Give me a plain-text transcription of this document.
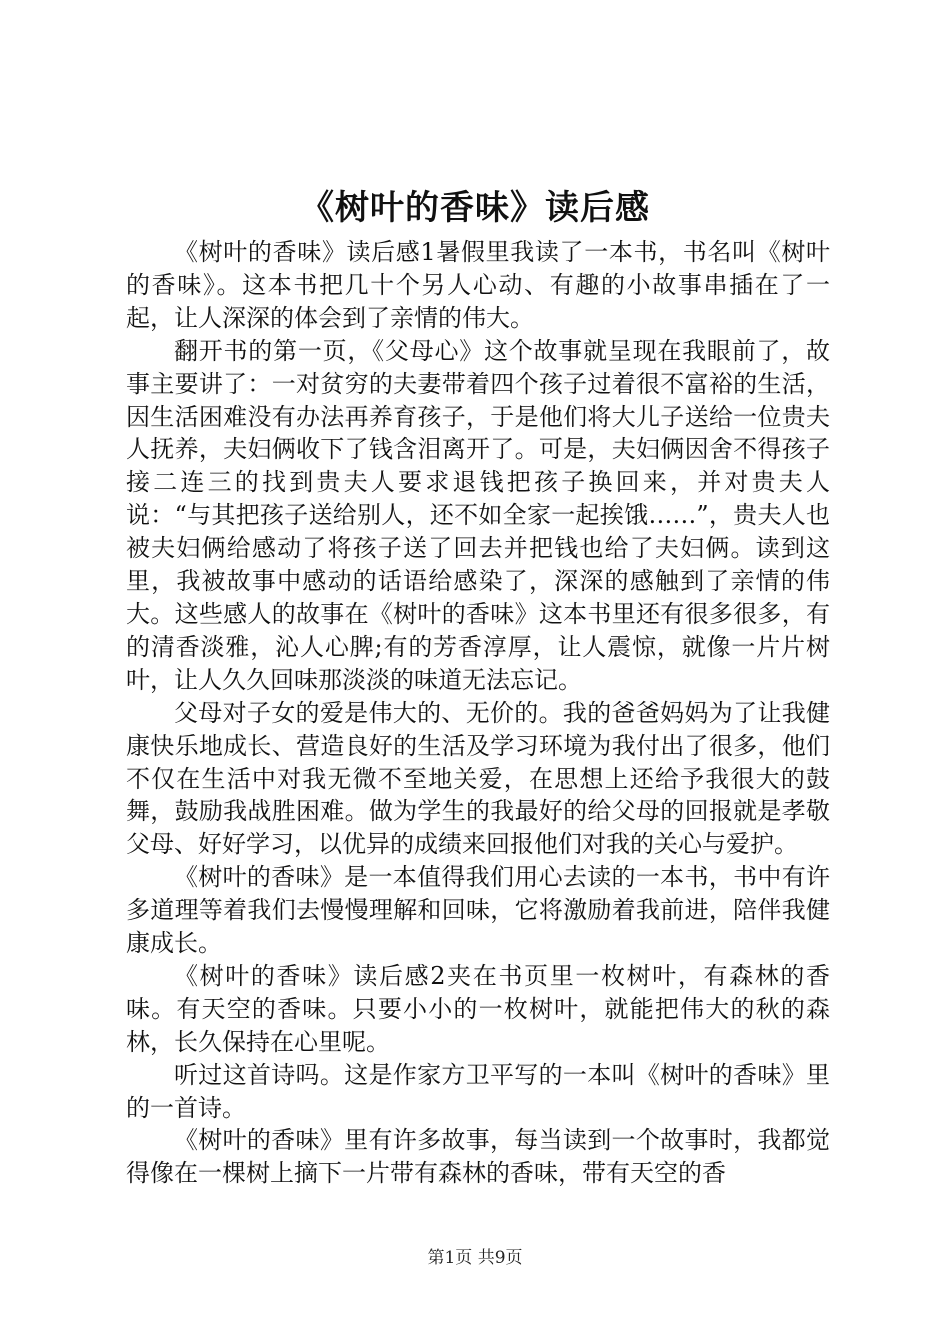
《树叶的香味》读后感

《树叶的香味》读后感1暑假里我读了一本书，书名叫《树叶的香味》。这本书把几十个另人心动、有趣的小故事串插在了一起，让人深深的体会到了亲情的伟大。

翻开书的第一页，《父母心》这个故事就呈现在我眼前了，故事主要讲了：一对贫穷的夫妻带着四个孩子过着很不富裕的生活，因生活困难没有办法再养育孩子，于是他们将大儿子送给一位贵夫人抚养，夫妇俩收下了钱含泪离开了。可是，夫妇俩因舍不得孩子接二连三的找到贵夫人要求退钱把孩子换回来，并对贵夫人说：“与其把孩子送给别人，还不如全家一起挨饿……”，贵夫人也被夫妇俩给感动了将孩子送了回去并把钱也给了夫妇俩。读到这里，我被故事中感动的话语给感染了，深深的感触到了亲情的伟大。这些感人的故事在《树叶的香味》这本书里还有很多很多，有的清香淡雅，沁人心脾;有的芳香淳厚，让人震惊，就像一片片树叶，让人久久回味那淡淡的味道无法忘记。

父母对子女的爱是伟大的、无价的。我的爸爸妈妈为了让我健康快乐地成长、营造良好的生活及学习环境为我付出了很多，他们不仅在生活中对我无微不至地关爱，在思想上还给予我很大的鼓舞，鼓励我战胜困难。做为学生的我最好的给父母的回报就是孝敬父母、好好学习，以优异的成绩来回报他们对我的关心与爱护。

《树叶的香味》是一本值得我们用心去读的一本书，书中有许多道理等着我们去慢慢理解和回味，它将激励着我前进，陪伴我健康成长。

《树叶的香味》读后感2夹在书页里一枚树叶，有森林的香味。有天空的香味。只要小小的一枚树叶，就能把伟大的秋的森林，长久保持在心里呢。

听过这首诗吗。这是作家方卫平写的一本叫《树叶的香味》里的一首诗。

《树叶的香味》里有许多故事，每当读到一个故事时，我都觉得像在一棵树上摘下一片带有森林的香味，带有天空的香

第1页 共9页
